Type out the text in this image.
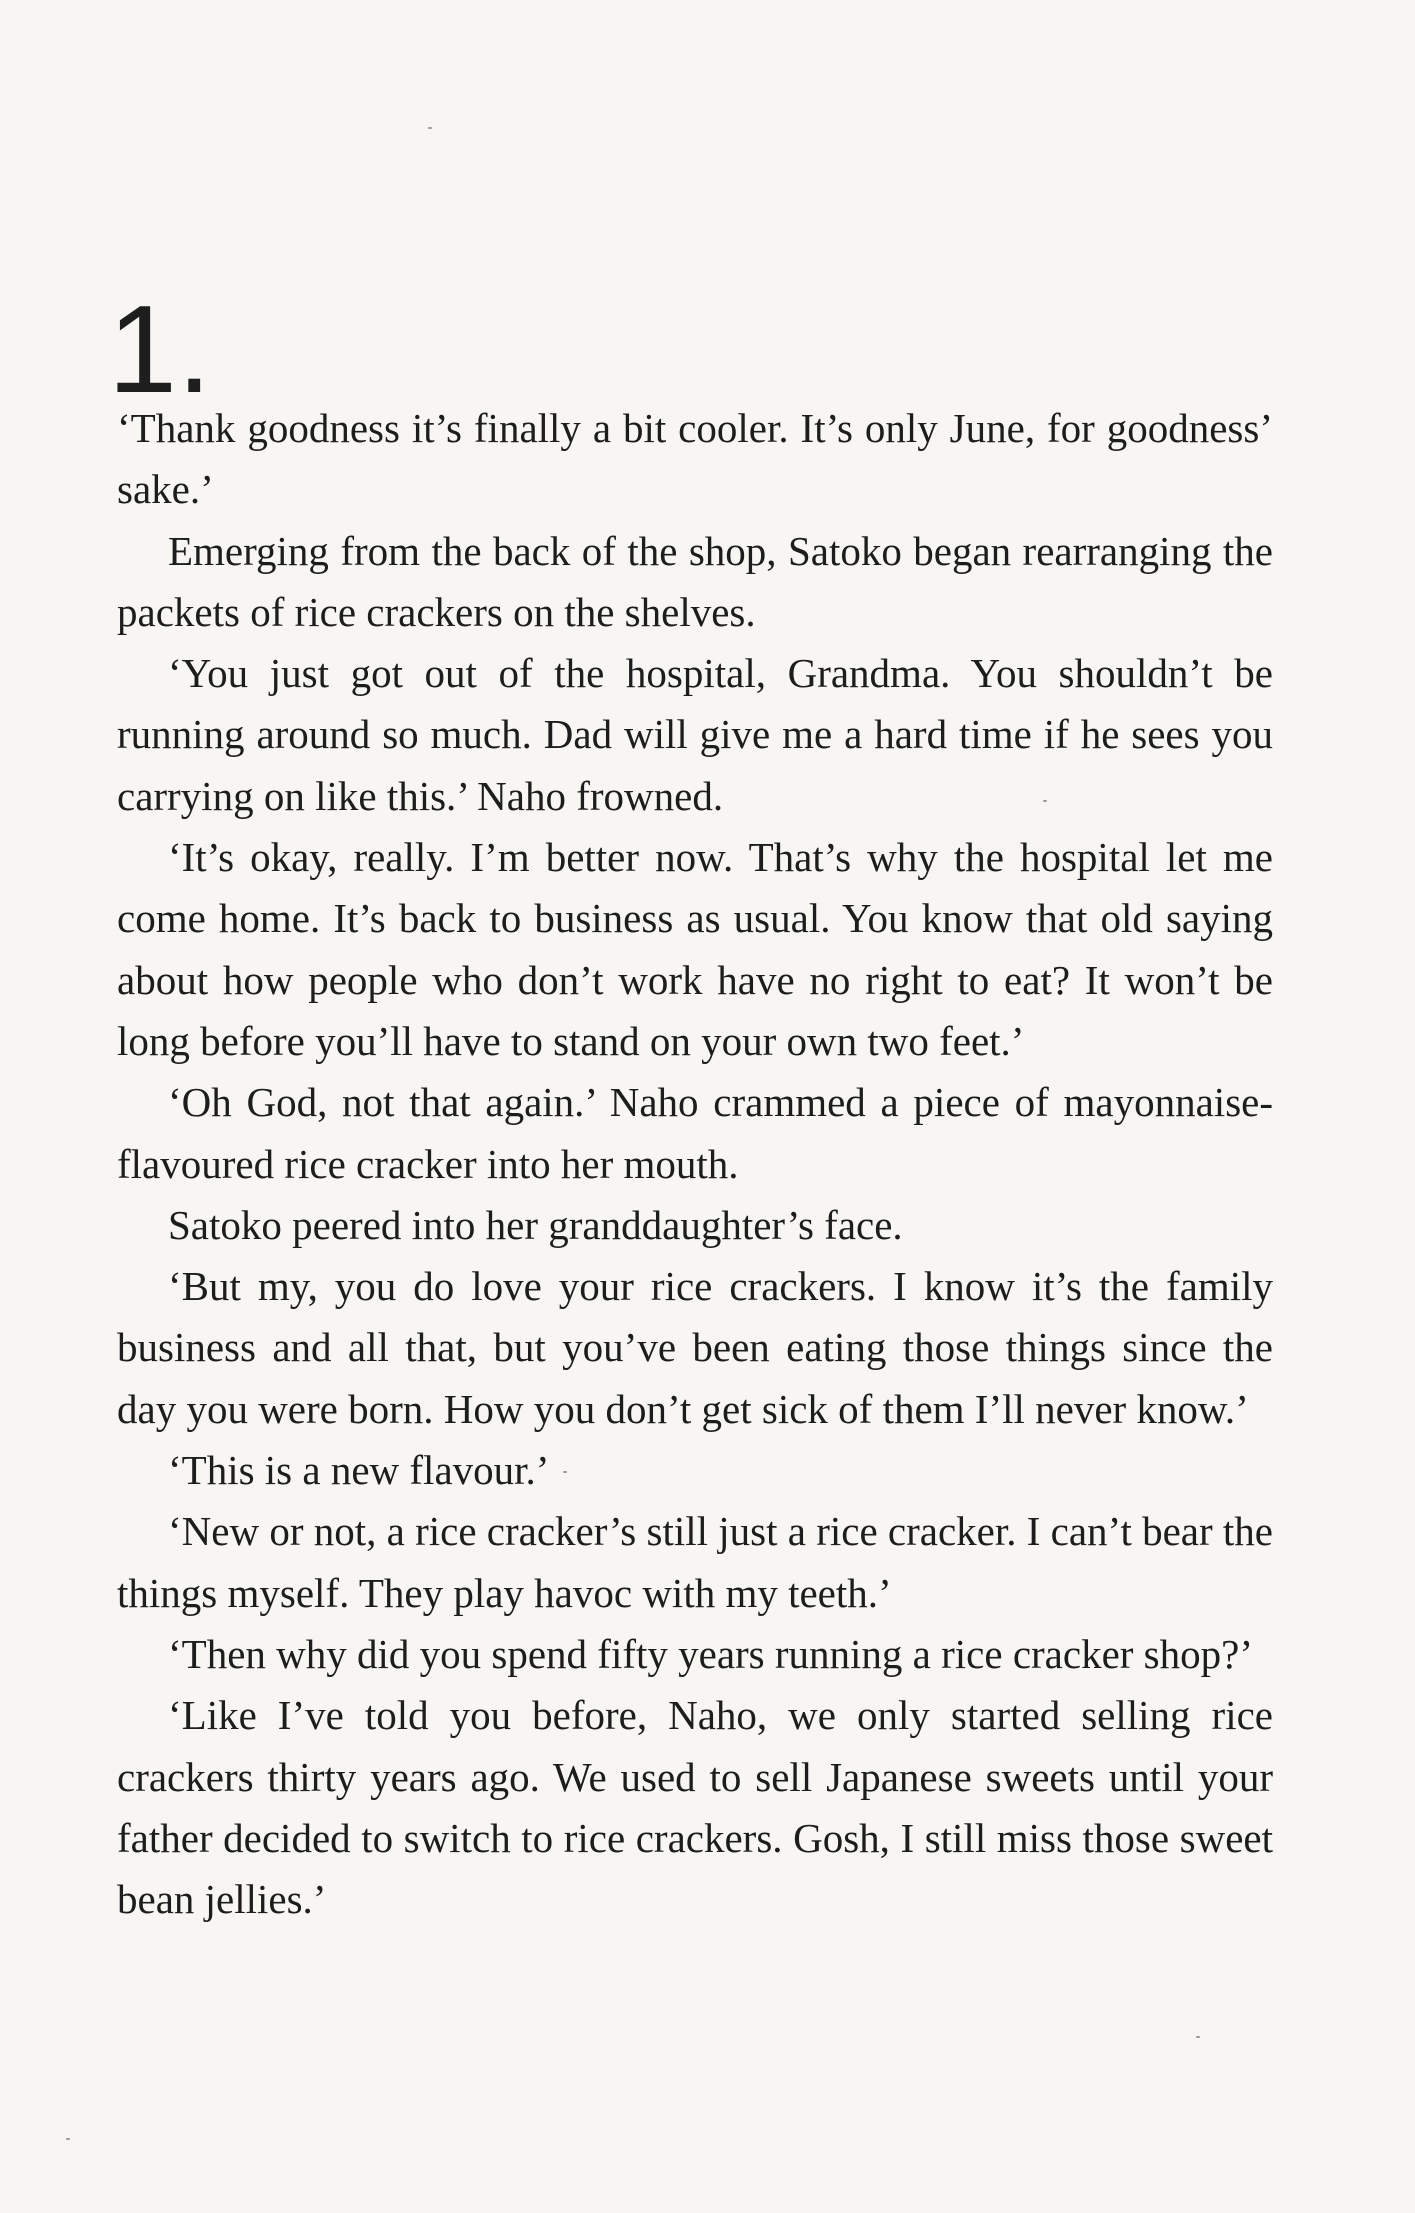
1.

‘Thank goodness it’s finally a bit cooler. It’s only June, for goodness’ sake.’

Emerging from the back of the shop, Satoko began rearranging the packets of rice crackers on the shelves.

‘You just got out of the hospital, Grandma. You shouldn’t be running around so much. Dad will give me a hard time if he sees you carrying on like this.’ Naho frowned.

‘It’s okay, really. I’m better now. That’s why the hospital let me come home. It’s back to business as usual. You know that old saying about how people who don’t work have no right to eat? It won’t be long before you’ll have to stand on your own two feet.’

‘Oh God, not that again.’ Naho crammed a piece of mayonnaise-flavoured rice cracker into her mouth.

Satoko peered into her granddaughter’s face.

‘But my, you do love your rice crackers. I know it’s the family business and all that, but you’ve been eating those things since the day you were born. How you don’t get sick of them I’ll never know.’

‘This is a new flavour.’

‘New or not, a rice cracker’s still just a rice cracker. I can’t bear the things myself. They play havoc with my teeth.’

‘Then why did you spend fifty years running a rice cracker shop?’

‘Like I’ve told you before, Naho, we only started selling rice crackers thirty years ago. We used to sell Japanese sweets until your father decided to switch to rice crackers. Gosh, I still miss those sweet bean jellies.’
